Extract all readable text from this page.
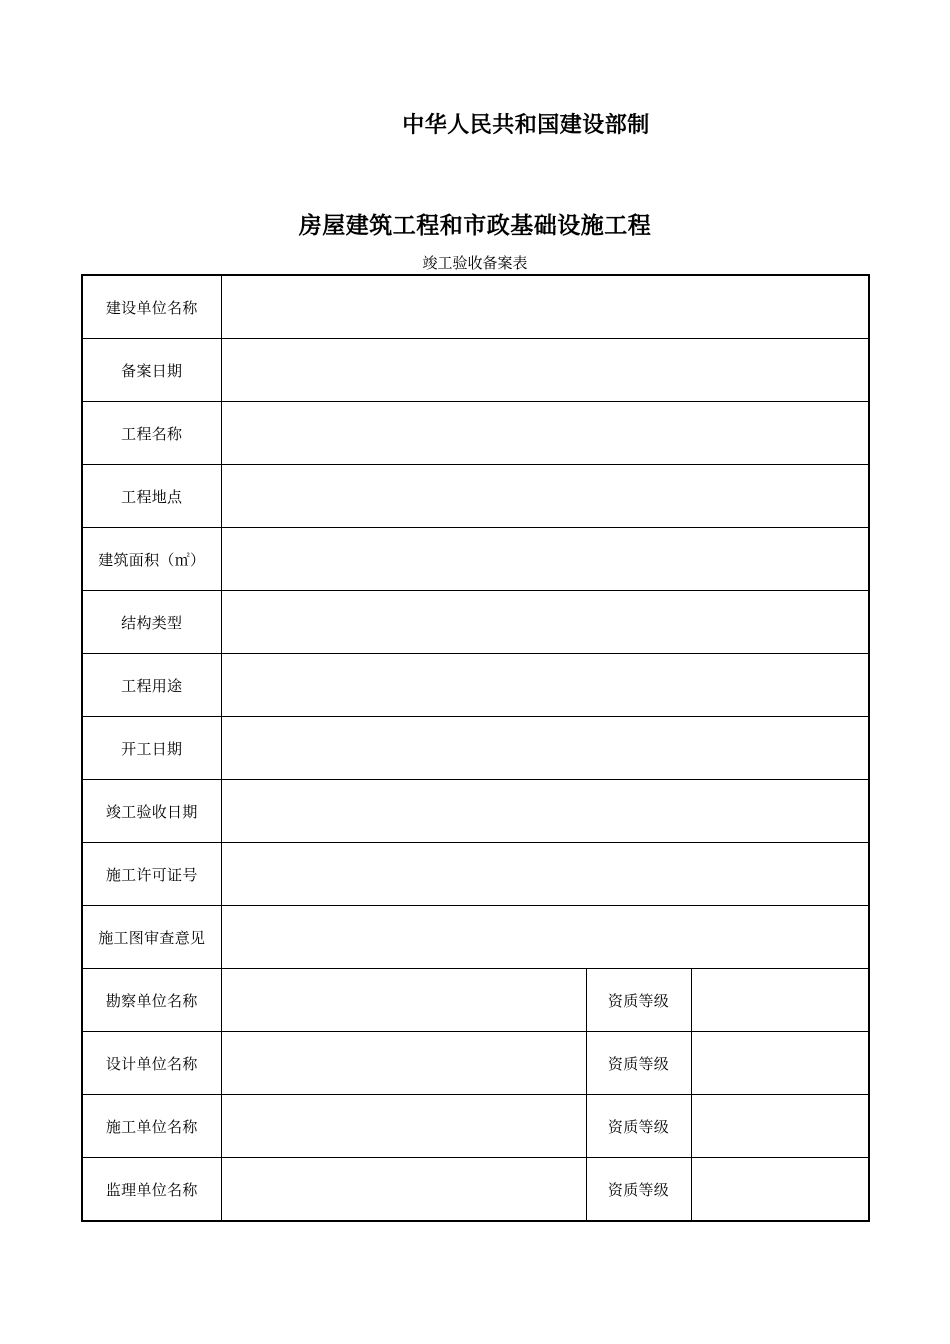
中华人民共和国建设部制
房屋建筑工程和市政基础设施工程
竣工验收备案表
建设单位名称			
备案日期			
工程名称			
工程地点			
建筑面积（㎡）			
结构类型			
工程用途			
开工日期			
竣工验收日期			
施工许可证号			
施工图审查意见			
勘察单位名称		资质等级	
设计单位名称		资质等级	
施工单位名称		资质等级	
监理单位名称		资质等级	
